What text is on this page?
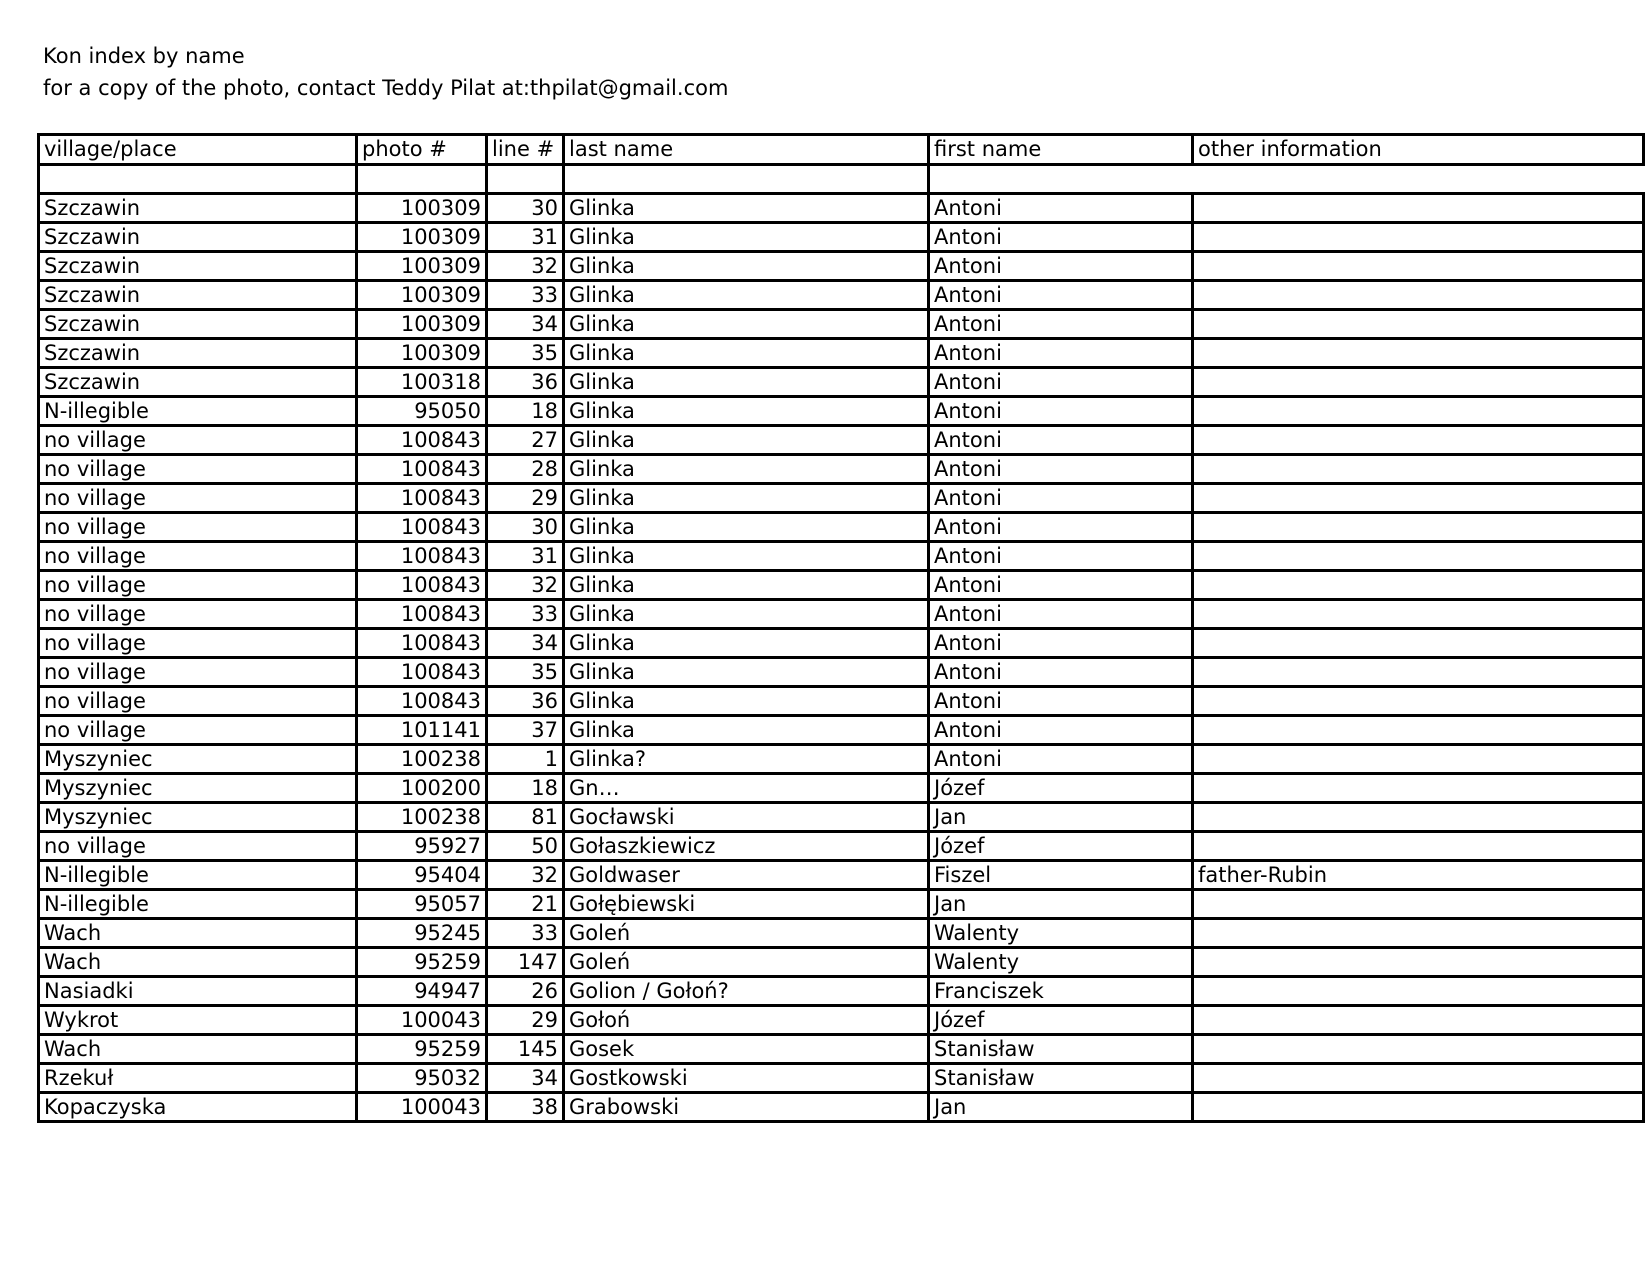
Kon index by name
for a copy of the photo, contact Teddy Pilat at:thpilat@gmail.com
village/place	photo #	line #	last name	first name	other information

Szczawin	100309	30	Glinka	Antoni	
Szczawin	100309	31	Glinka	Antoni	
Szczawin	100309	32	Glinka	Antoni	
Szczawin	100309	33	Glinka	Antoni	
Szczawin	100309	34	Glinka	Antoni	
Szczawin	100309	35	Glinka	Antoni	
Szczawin	100318	36	Glinka	Antoni	
N-illegible	95050	18	Glinka	Antoni	
no village	100843	27	Glinka	Antoni	
no village	100843	28	Glinka	Antoni	
no village	100843	29	Glinka	Antoni	
no village	100843	30	Glinka	Antoni	
no village	100843	31	Glinka	Antoni	
no village	100843	32	Glinka	Antoni	
no village	100843	33	Glinka	Antoni	
no village	100843	34	Glinka	Antoni	
no village	100843	35	Glinka	Antoni	
no village	100843	36	Glinka	Antoni	
no village	101141	37	Glinka	Antoni	
Myszyniec	100238	1	Glinka?	Antoni	
Myszyniec	100200	18	Gn…	Józef	
Myszyniec	100238	81	Gocławski	Jan	
no village	95927	50	Gołaszkiewicz	Józef	
N-illegible	95404	32	Goldwaser	Fiszel	father-Rubin
N-illegible	95057	21	Gołębiewski	Jan	
Wach	95245	33	Goleń	Walenty	
Wach	95259	147	Goleń	Walenty	
Nasiadki	94947	26	Golion / Gołoń?	Franciszek	
Wykrot	100043	29	Gołoń	Józef	
Wach	95259	145	Gosek	Stanisław	
Rzekuł	95032	34	Gostkowski	Stanisław	
Kopaczyska	100043	38	Grabowski	Jan	
